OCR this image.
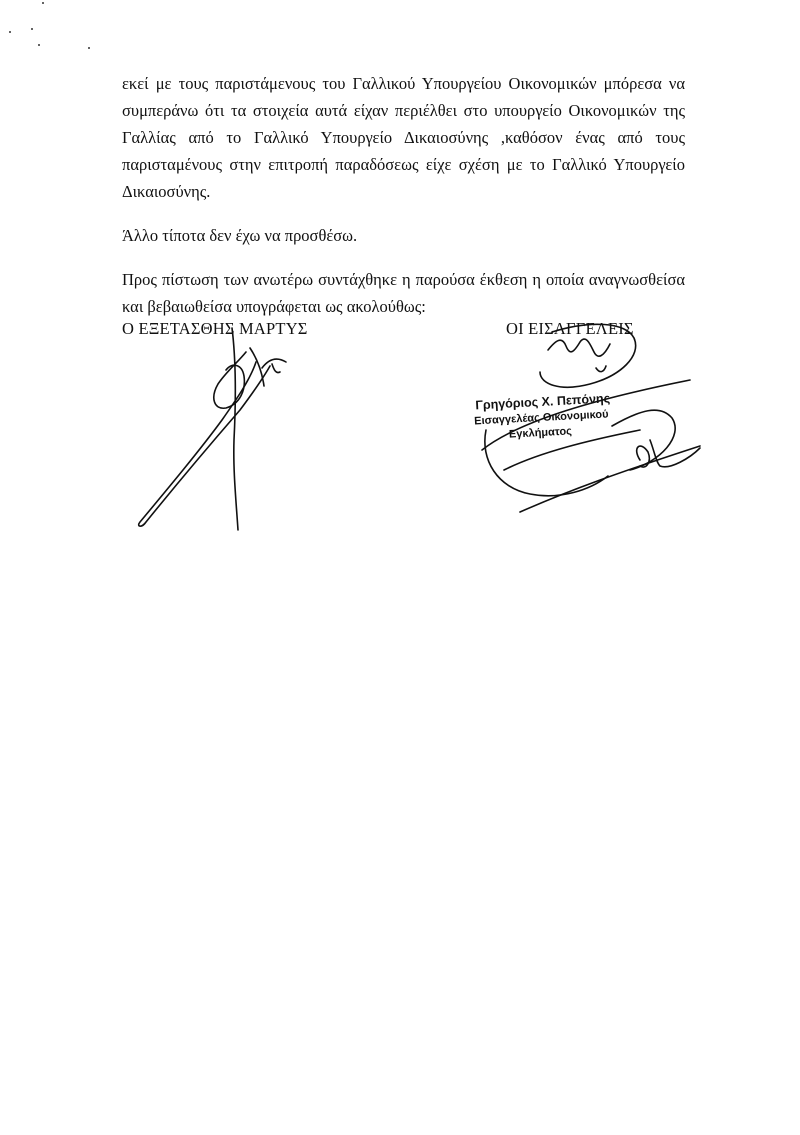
εκεί με τους παριστάμενους του Γαλλικού Υπουργείου Οικονομικών μπόρεσα να συμπεράνω ότι τα στοιχεία αυτά είχαν περιέλθει στο υπουργείο Οικονομικών της Γαλλίας από το Γαλλικό Υπουργείο Δικαιοσύνης ,καθόσον ένας από τους παρισταμένους στην επιτροπή παραδόσεως είχε σχέση με το Γαλλικό Υπουργείο Δικαιοσύνης.

Άλλο τίποτα δεν έχω να προσθέσω.

Προς πίστωση των ανωτέρω συντάχθηκε η παρούσα έκθεση η οποία αναγνωσθείσα και βεβαιωθείσα υπογράφεται ως ακολούθως:

Ο ΕΞΕΤΑΣΘΗΣ ΜΑΡΤΥΣ	ΟΙ ΕΙΣΑΓΓΕΛΕΙΣ
Γρηγόριος Χ. Πεπόνης
Εισαγγελέας Οικονομικού
Εγκλήματος
